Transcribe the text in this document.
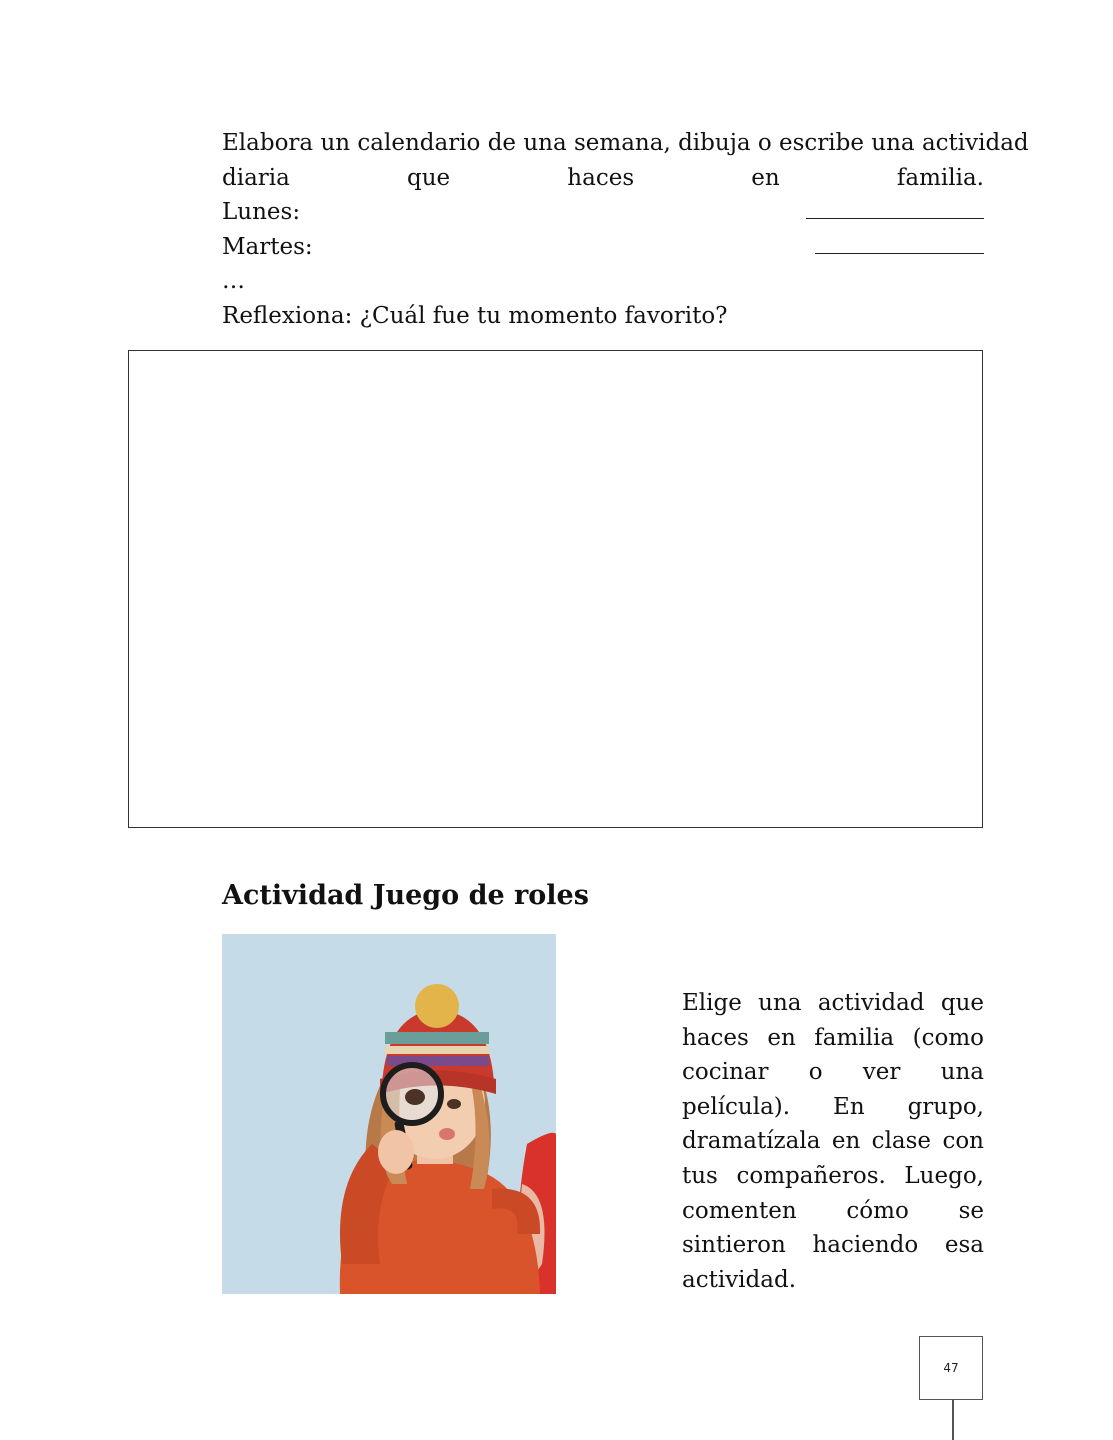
Elabora un calendario de una semana, dibuja o escribe una actividad
diaria	que	haces	en	familia.
Lunes:
Martes:
…
Reflexiona: ¿Cuál fue tu momento favorito?
Actividad Juego de roles
Elige una actividad que haces en familia (como cocinar o ver una película). En grupo, dramatízala en clase con tus compañeros. Luego, comenten cómo se sintieron haciendo esa actividad.
47
